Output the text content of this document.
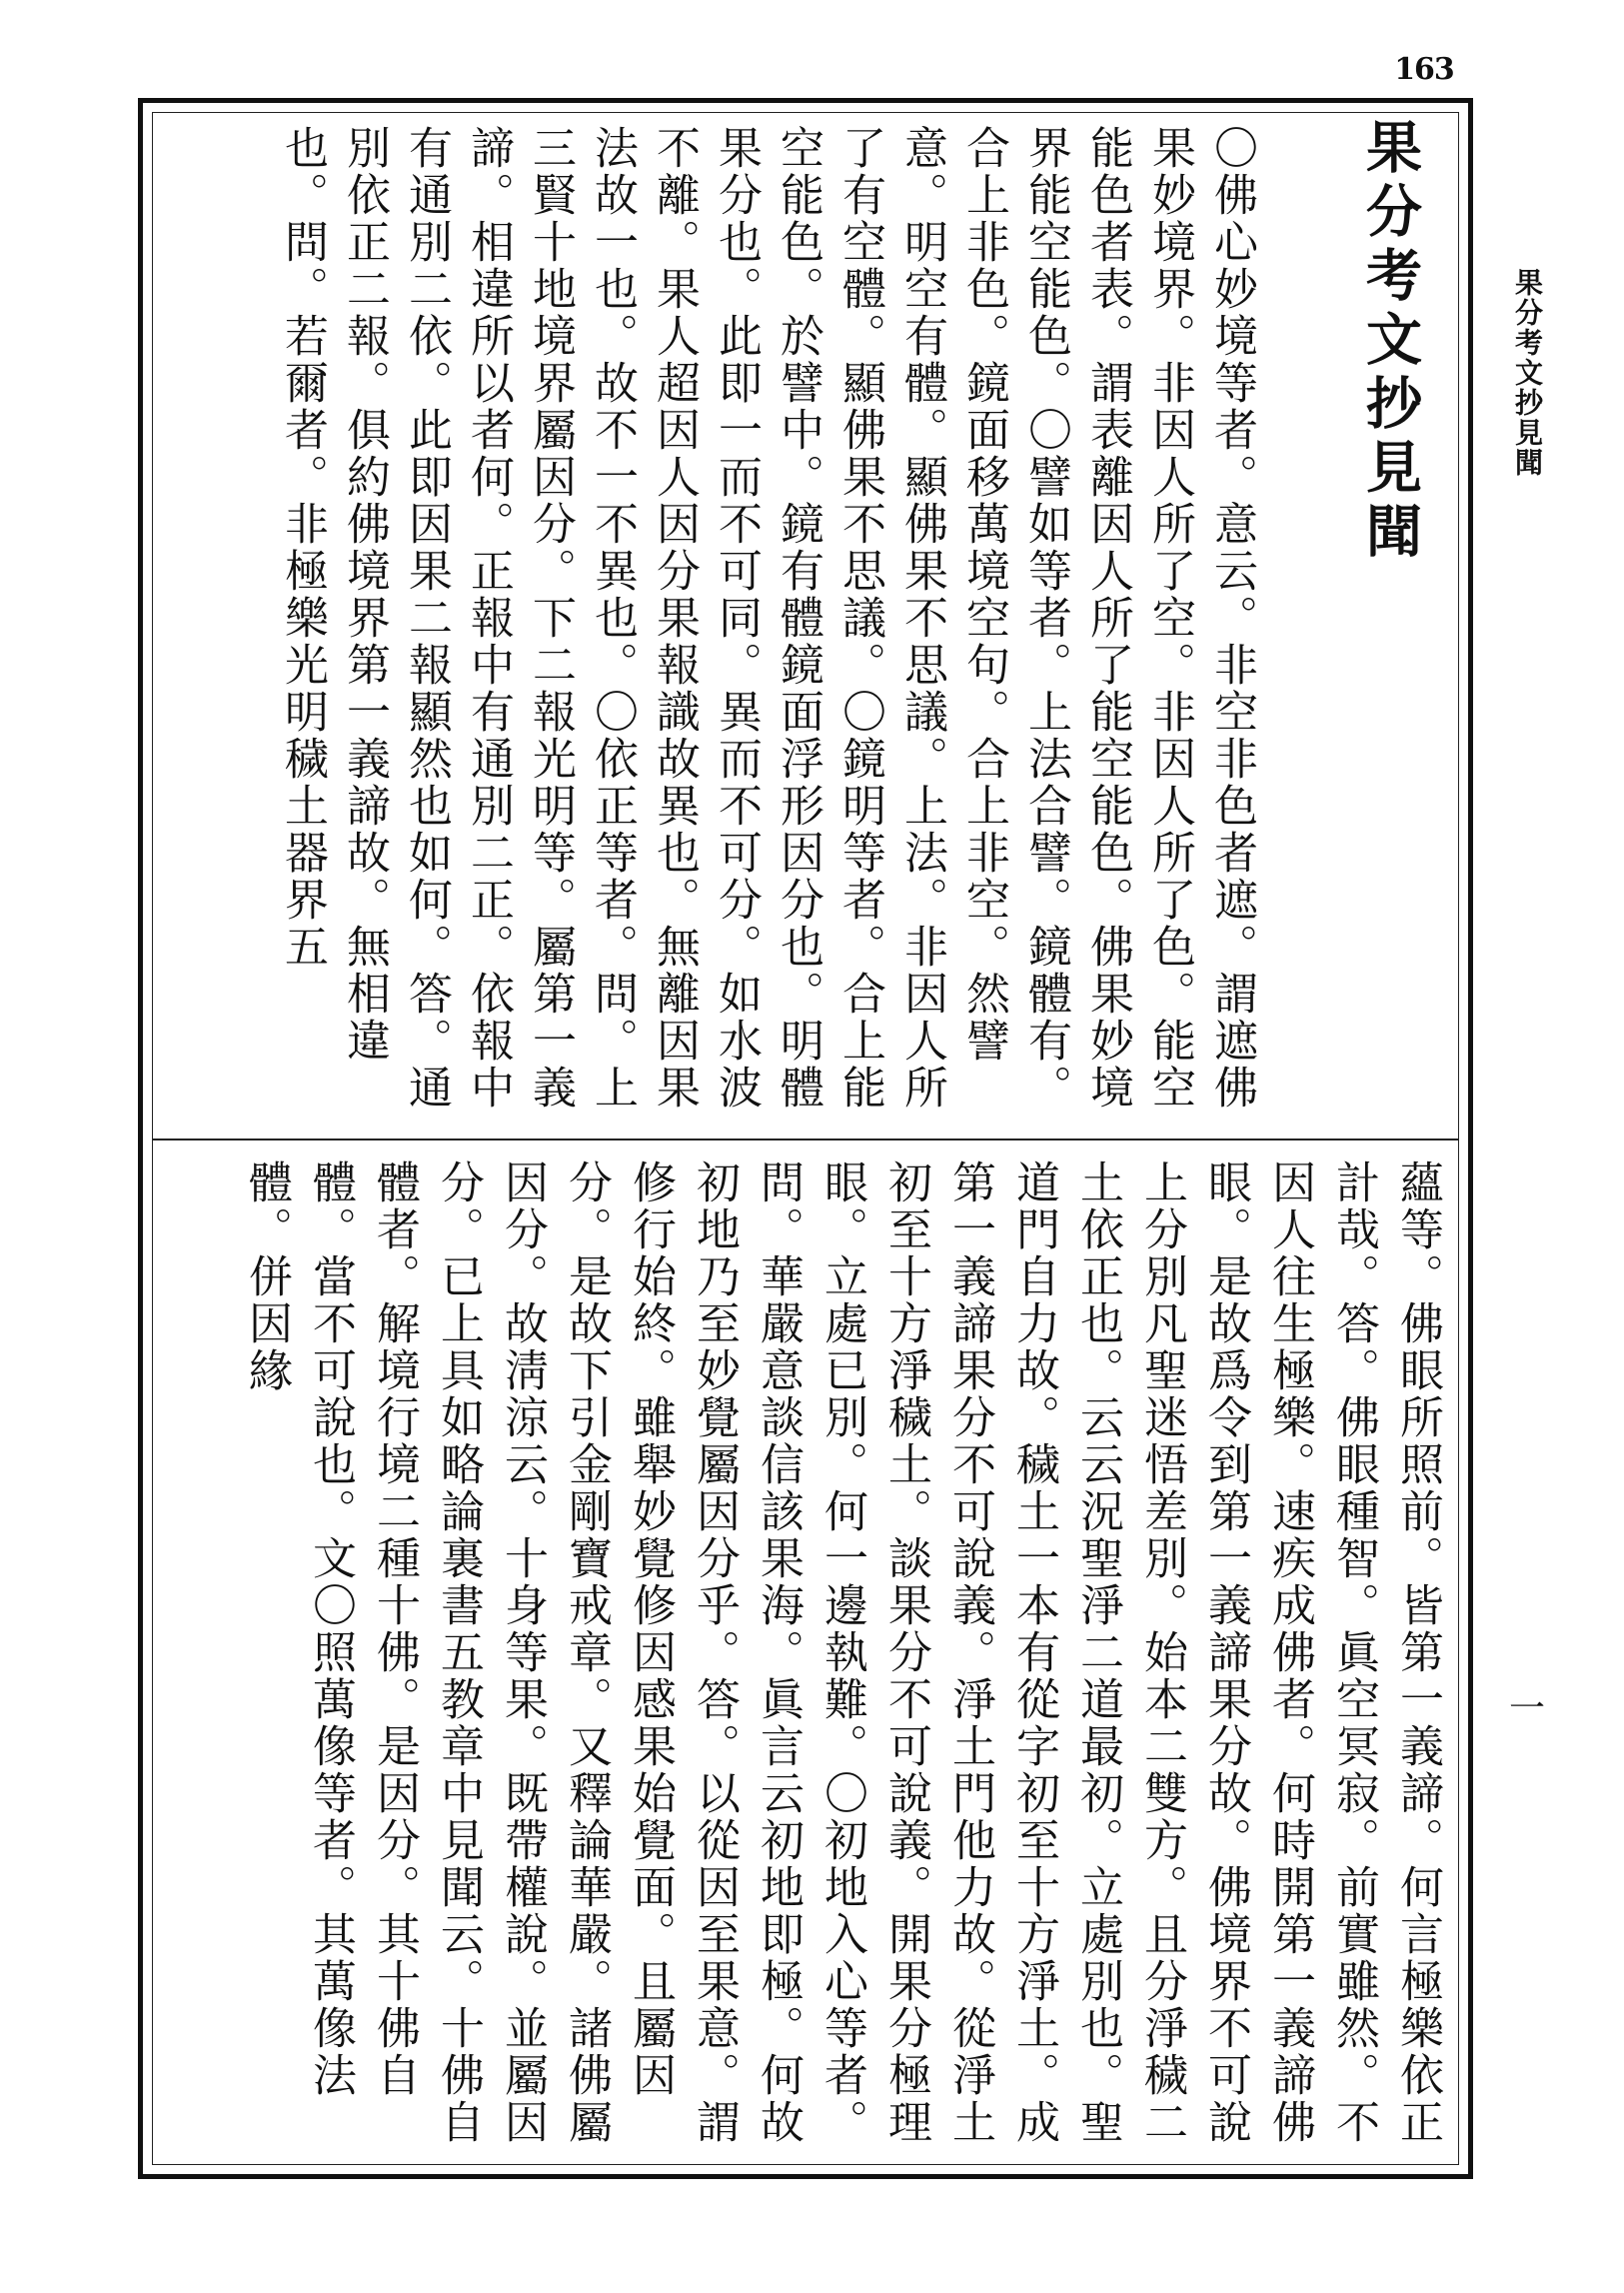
163
果分考文抄見聞
一
果分考文抄見聞
〇佛心妙境等者。意云。非空非色者遮。謂遮佛果妙境界。非因人所了空。非因人所了色。能空能色者表。謂表離因人所了能空能色。佛果妙境界能空能色。〇譬如等者。上法合譬。鏡體有。合上非色。鏡面移萬境空句。合上非空。然譬意。明空有體。顯佛果不思議。上法。非因人所了有空體。顯佛果不思議。〇鏡明等者。合上能空能色。於譬中。鏡有體鏡面浮形因分也。明體果分也。此即一而不可同。異而不可分。如水波不離。果人超因人因分果報識故異也。無離因果法故一也。故不一不異也。〇依正等者。問。上三賢十地境界屬因分。下二報光明等。屬第一義諦。相違所以者何。正報中有通別二正。依報中有通別二依。此即因果二報顯然也如何。答。通別依正二報。俱約佛境界第一義諦故。無相違也。問。若爾者。非極樂光明穢土器界五
蘊等。佛眼所照前。皆第一義諦。何言極樂依正計哉。答。佛眼種智。眞空冥寂。前實雖然。不因人往生極樂。速疾成佛者。何時開第一義諦佛眼。是故爲令到第一義諦果分故。佛境界不可說上分別凡聖迷悟差別。始本二雙方。且分淨穢二土依正也。云云況聖淨二道最初。立處別也。聖道門自力故。穢土一本有從字初至十方淨土。成第一義諦果分不可說義。淨土門他力故。從淨土初至十方淨穢土。談果分不可說義。開果分極理眼。立處已別。何一邊執難。〇初地入心等者。問。華嚴意談信該果海。眞言云初地即極。何故初地乃至妙覺屬因分乎。答。以從因至果意。謂修行始終。雖舉妙覺修因感果始覺面。且屬因分。是故下引金剛寶戒章。又釋論華嚴。諸佛屬因分。故淸涼云。十身等果。既帶權說。並屬因分。已上具如略論裏書五教章中見聞云。十佛自體者。解境行境二種十佛。是因分。其十佛自體。當不可說也。文〇照萬像等者。其萬像法體。併因緣
